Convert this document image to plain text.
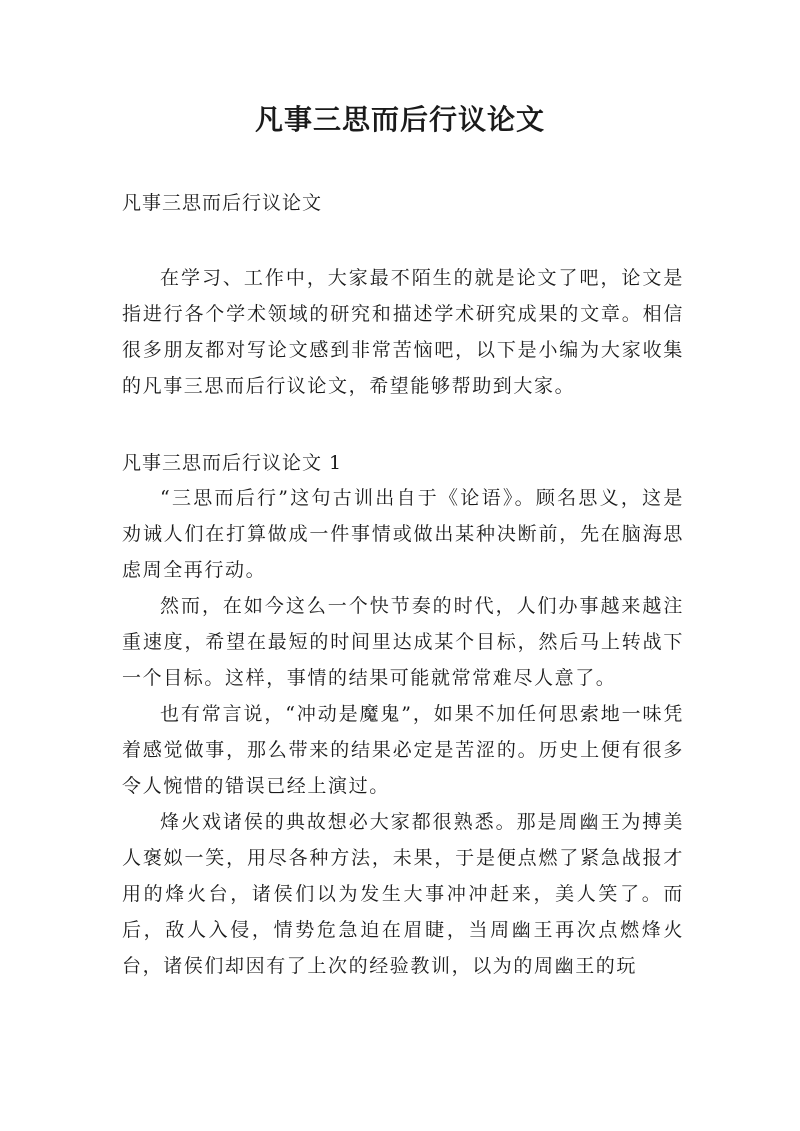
凡事三思而后行议论文

凡事三思而后行议论文

在学习、工作中，大家最不陌生的就是论文了吧，论文是指进行各个学术领域的研究和描述学术研究成果的文章。相信很多朋友都对写论文感到非常苦恼吧，以下是小编为大家收集的凡事三思而后行议论文，希望能够帮助到大家。

凡事三思而后行议论文 1

“三思而后行”这句古训出自于《论语》。顾名思义，这是劝诫人们在打算做成一件事情或做出某种决断前，先在脑海思虑周全再行动。

然而，在如今这么一个快节奏的时代，人们办事越来越注重速度，希望在最短的时间里达成某个目标，然后马上转战下一个目标。这样，事情的结果可能就常常难尽人意了。

也有常言说，“冲动是魔鬼”，如果不加任何思索地一味凭着感觉做事，那么带来的结果必定是苦涩的。历史上便有很多令人惋惜的错误已经上演过。

烽火戏诸侯的典故想必大家都很熟悉。那是周幽王为搏美人褒姒一笑，用尽各种方法，未果，于是便点燃了紧急战报才用的烽火台，诸侯们以为发生大事冲冲赶来，美人笑了。而后，敌人入侵，情势危急迫在眉睫，当周幽王再次点燃烽火台，诸侯们却因有了上次的经验教训，以为的周幽王的玩
